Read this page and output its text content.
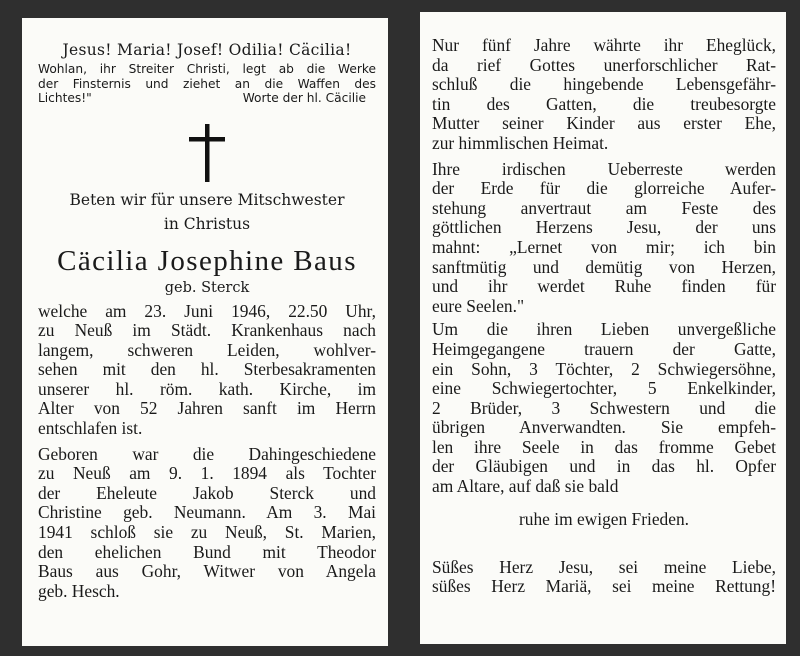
Jesus! Maria! Josef! Odilia! Cäcilia!
Wohlan, ihr Streiter Christi, legt ab die Werke
der Finsternis und ziehet an die Waffen des
Lichtes!"	Worte der hl. Cäcilie
Beten wir für unsere Mitschwester
in Christus
Cäcilia Josephine Baus
geb. Sterck
welche am 23. Juni 1946, 22.50 Uhr,
zu Neuß im Städt. Krankenhaus nach
langem, schweren Leiden, wohlver-
sehen mit den hl. Sterbesakramenten
unserer hl. röm. kath. Kirche, im
Alter von 52 Jahren sanft im Herrn
entschlafen ist.
Geboren war die Dahingeschiedene
zu Neuß am 9. 1. 1894 als Tochter
der Eheleute Jakob Sterck und
Christine geb. Neumann. Am 3. Mai
1941 schloß sie zu Neuß, St. Marien,
den ehelichen Bund mit Theodor
Baus aus Gohr, Witwer von Angela
geb. Hesch.
Nur fünf Jahre währte ihr Eheglück,
da rief Gottes unerforschlicher Rat-
schluß die hingebende Lebensgefähr-
tin des Gatten, die treubesorgte
Mutter seiner Kinder aus erster Ehe,
zur himmlischen Heimat.
Ihre irdischen Ueberreste werden
der Erde für die glorreiche Aufer-
stehung anvertraut am Feste des
göttlichen Herzens Jesu, der uns
mahnt: „Lernet von mir; ich bin
sanftmütig und demütig von Herzen,
und ihr werdet Ruhe finden für
eure Seelen."
Um die ihren Lieben unvergeßliche
Heimgegangene trauern der Gatte,
ein Sohn, 3 Töchter, 2 Schwiegersöhne,
eine Schwiegertochter, 5 Enkelkinder,
2 Brüder, 3 Schwestern und die
übrigen Anverwandten. Sie empfeh-
len ihre Seele in das fromme Gebet
der Gläubigen und in das hl. Opfer
am Altare, auf daß sie bald
ruhe im ewigen Frieden.
Süßes Herz Jesu, sei meine Liebe,
süßes Herz Mariä, sei meine Rettung!
